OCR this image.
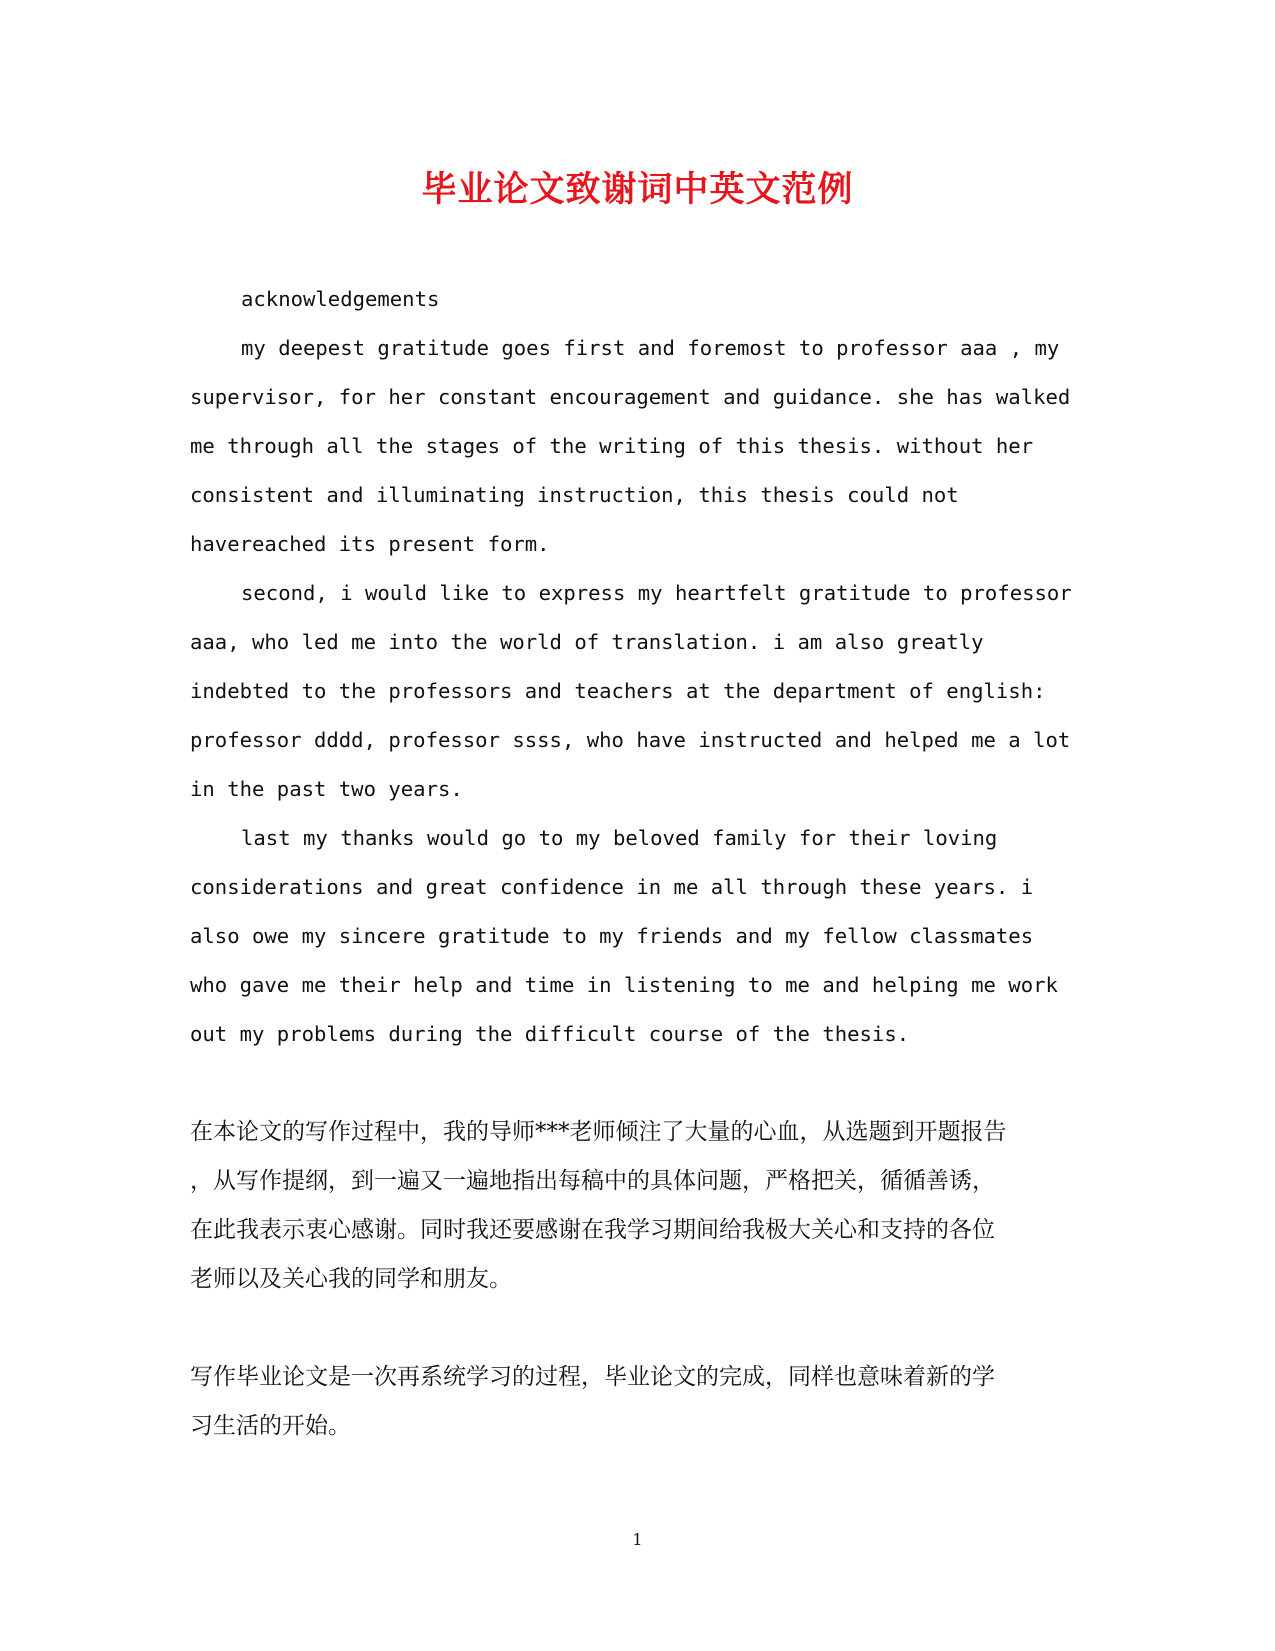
毕业论文致谢词中英文范例

acknowledgements

my deepest gratitude goes first and foremost to professor aaa , my

supervisor, for her constant encouragement and guidance. she has walked

me through all the stages of the writing of this thesis. without her

consistent and illuminating instruction, this thesis could not

havereached its present form.

second, i would like to express my heartfelt gratitude to professor

aaa, who led me into the world of translation. i am also greatly

indebted to the professors and teachers at the department of english:

professor dddd, professor ssss, who have instructed and helped me a lot

in the past two years.

last my thanks would go to my beloved family for their loving

considerations and great confidence in me all through these years. i

also owe my sincere gratitude to my friends and my fellow classmates

who gave me their help and time in listening to me and helping me work

out my problems during the difficult course of the thesis.

在本论文的写作过程中，我的导师***老师倾注了大量的心血，从选题到开题报告

，从写作提纲，到一遍又一遍地指出每稿中的具体问题，严格把关，循循善诱，

在此我表示衷心感谢。同时我还要感谢在我学习期间给我极大关心和支持的各位

老师以及关心我的同学和朋友。

写作毕业论文是一次再系统学习的过程，毕业论文的完成，同样也意味着新的学

习生活的开始。

1
